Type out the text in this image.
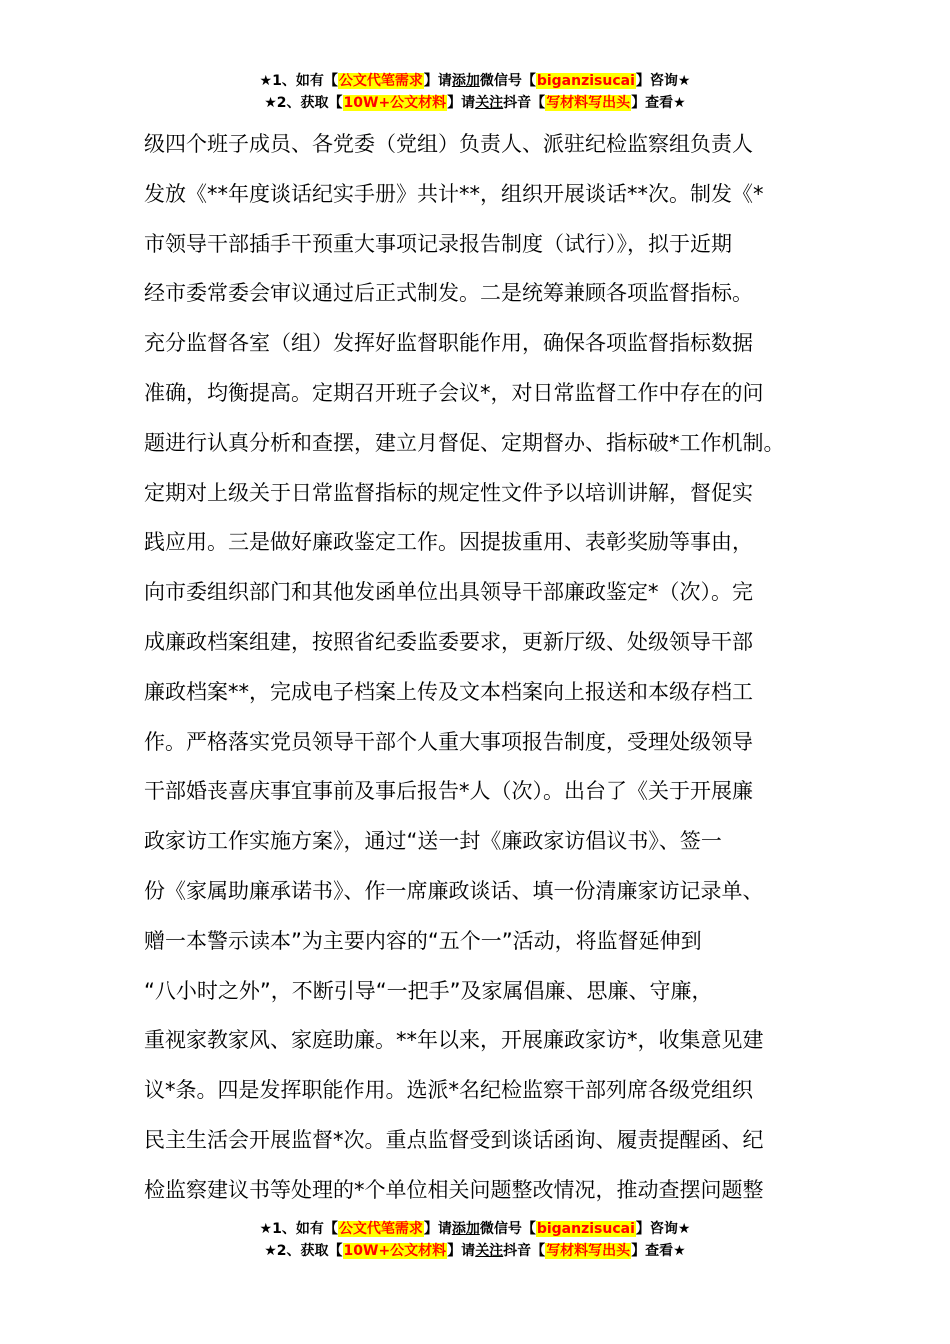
★1、如有【公文代笔需求】请添加微信号【biganzisucai】咨询★
★2、获取【10W+公文材料】请关注抖音【写材料写出头】查看★
级四个班子成员、各党委（党组）负责人、派驻纪检监察组负责人
发放《**年度谈话纪实手册》共计**，组织开展谈话**次。制发《*
市领导干部插手干预重大事项记录报告制度（试行）》，拟于近期
经市委常委会审议通过后正式制发。二是统筹兼顾各项监督指标。
充分监督各室（组）发挥好监督职能作用，确保各项监督指标数据
准确，均衡提高。定期召开班子会议*，对日常监督工作中存在的问
题进行认真分析和查摆，建立月督促、定期督办、指标破*工作机制。
定期对上级关于日常监督指标的规定性文件予以培训讲解，督促实
践应用。三是做好廉政鉴定工作。因提拔重用、表彰奖励等事由，
向市委组织部门和其他发函单位出具领导干部廉政鉴定*（次）。完
成廉政档案组建，按照省纪委监委要求，更新厅级、处级领导干部
廉政档案**，完成电子档案上传及文本档案向上报送和本级存档工
作。严格落实党员领导干部个人重大事项报告制度，受理处级领导
干部婚丧喜庆事宜事前及事后报告*人（次）。出台了《关于开展廉
政家访工作实施方案》，通过“送一封《廉政家访倡议书》、签一
份《家属助廉承诺书》、作一席廉政谈话、填一份清廉家访记录单、
赠一本警示读本”为主要内容的“五个一”活动，将监督延伸到
“八小时之外”，不断引导“一把手”及家属倡廉、思廉、守廉，
重视家教家风、家庭助廉。**年以来，开展廉政家访*，收集意见建
议*条。四是发挥职能作用。选派*名纪检监察干部列席各级党组织
民主生活会开展监督*次。重点监督受到谈话函询、履责提醒函、纪
检监察建议书等处理的*个单位相关问题整改情况，推动查摆问题整
★1、如有【公文代笔需求】请添加微信号【biganzisucai】咨询★
★2、获取【10W+公文材料】请关注抖音【写材料写出头】查看★
